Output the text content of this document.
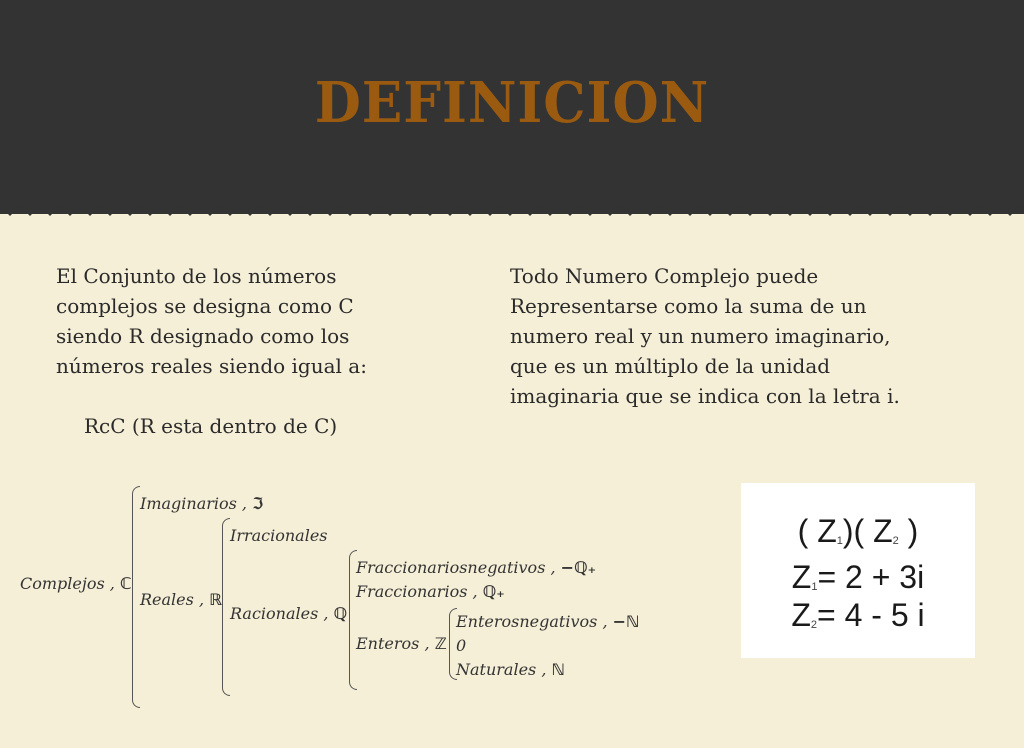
DEFINICION
El Conjunto de los números
complejos se designa como C
siendo R designado como los
números reales siendo igual a:
RcC (R esta dentro de C)
Todo Numero Complejo puede
Representarse como la suma de un
numero real y un numero imaginario,
que es un múltiplo de la unidad
imaginaria que se indica con la letra i.
Complejos , ℂ
Imaginarios , ℑ
Reales , ℝ
Irracionales
Racionales , ℚ
Fraccionariosnegativos , −ℚ₊
Fraccionarios , ℚ₊
Enteros , ℤ
Enterosnegativos , −ℕ
0
Naturales , ℕ
( $Z_1$)( $Z_2$ )
$Z_1= 2 + 3i$
$Z_2= 4 - 5$ i
